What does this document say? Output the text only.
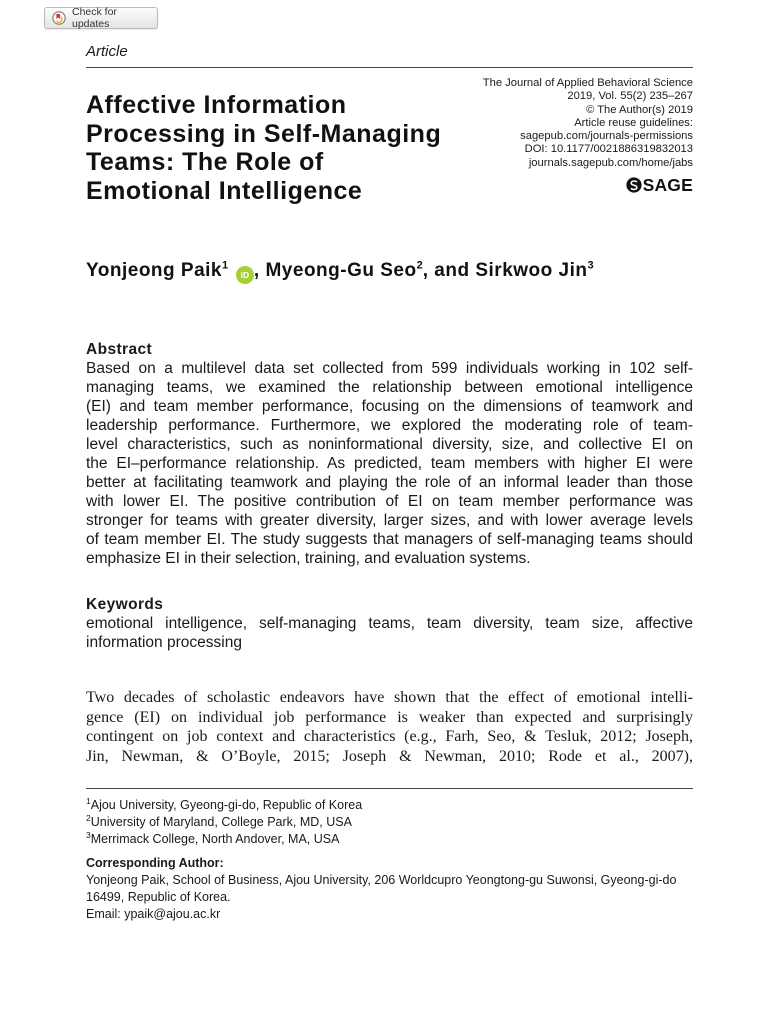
Check for updates
Article
The Journal of Applied Behavioral Science
2019, Vol. 55(2) 235–267
© The Author(s) 2019
Article reuse guidelines:
sagepub.com/journals-permissions
DOI: 10.1177/0021886319832013
journals.sagepub.com/home/jabs
SAGE
Affective Information
Processing in Self-Managing
Teams: The Role of
Emotional Intelligence
Yonjeong Paik$^1$ iD , Myeong-Gu Seo$^2$, and Sirkwoo Jin$^3$
Abstract
Based on a multilevel data set collected from 599 individuals working in 102 self-
managing teams, we examined the relationship between emotional intelligence
(EI) and team member performance, focusing on the dimensions of teamwork and
leadership performance. Furthermore, we explored the moderating role of team-
level characteristics, such as noninformational diversity, size, and collective EI on
the EI–performance relationship. As predicted, team members with higher EI were
better at facilitating teamwork and playing the role of an informal leader than those
with lower EI. The positive contribution of EI on team member performance was
stronger for teams with greater diversity, larger sizes, and with lower average levels
of team member EI. The study suggests that managers of self-managing teams should
emphasize EI in their selection, training, and evaluation systems.
Keywords
emotional intelligence, self-managing teams, team diversity, team size, affective
information processing
Two decades of scholastic endeavors have shown that the effect of emotional intelli-
gence (EI) on individual job performance is weaker than expected and surprisingly
contingent on job context and characteristics (e.g., Farh, Seo, & Tesluk, 2012; Joseph,
Jin, Newman, & O’Boyle, 2015; Joseph & Newman, 2010; Rode et al., 2007),
$^1$Ajou University, Gyeong-gi-do, Republic of Korea
$^2$University of Maryland, College Park, MD, USA
$^3$Merrimack College, North Andover, MA, USA
Corresponding Author:
Yonjeong Paik, School of Business, Ajou University, 206 Worldcupro Yeongtong-gu Suwonsi, Gyeong-gi-do
16499, Republic of Korea.
Email: ypaik@ajou.ac.kr
